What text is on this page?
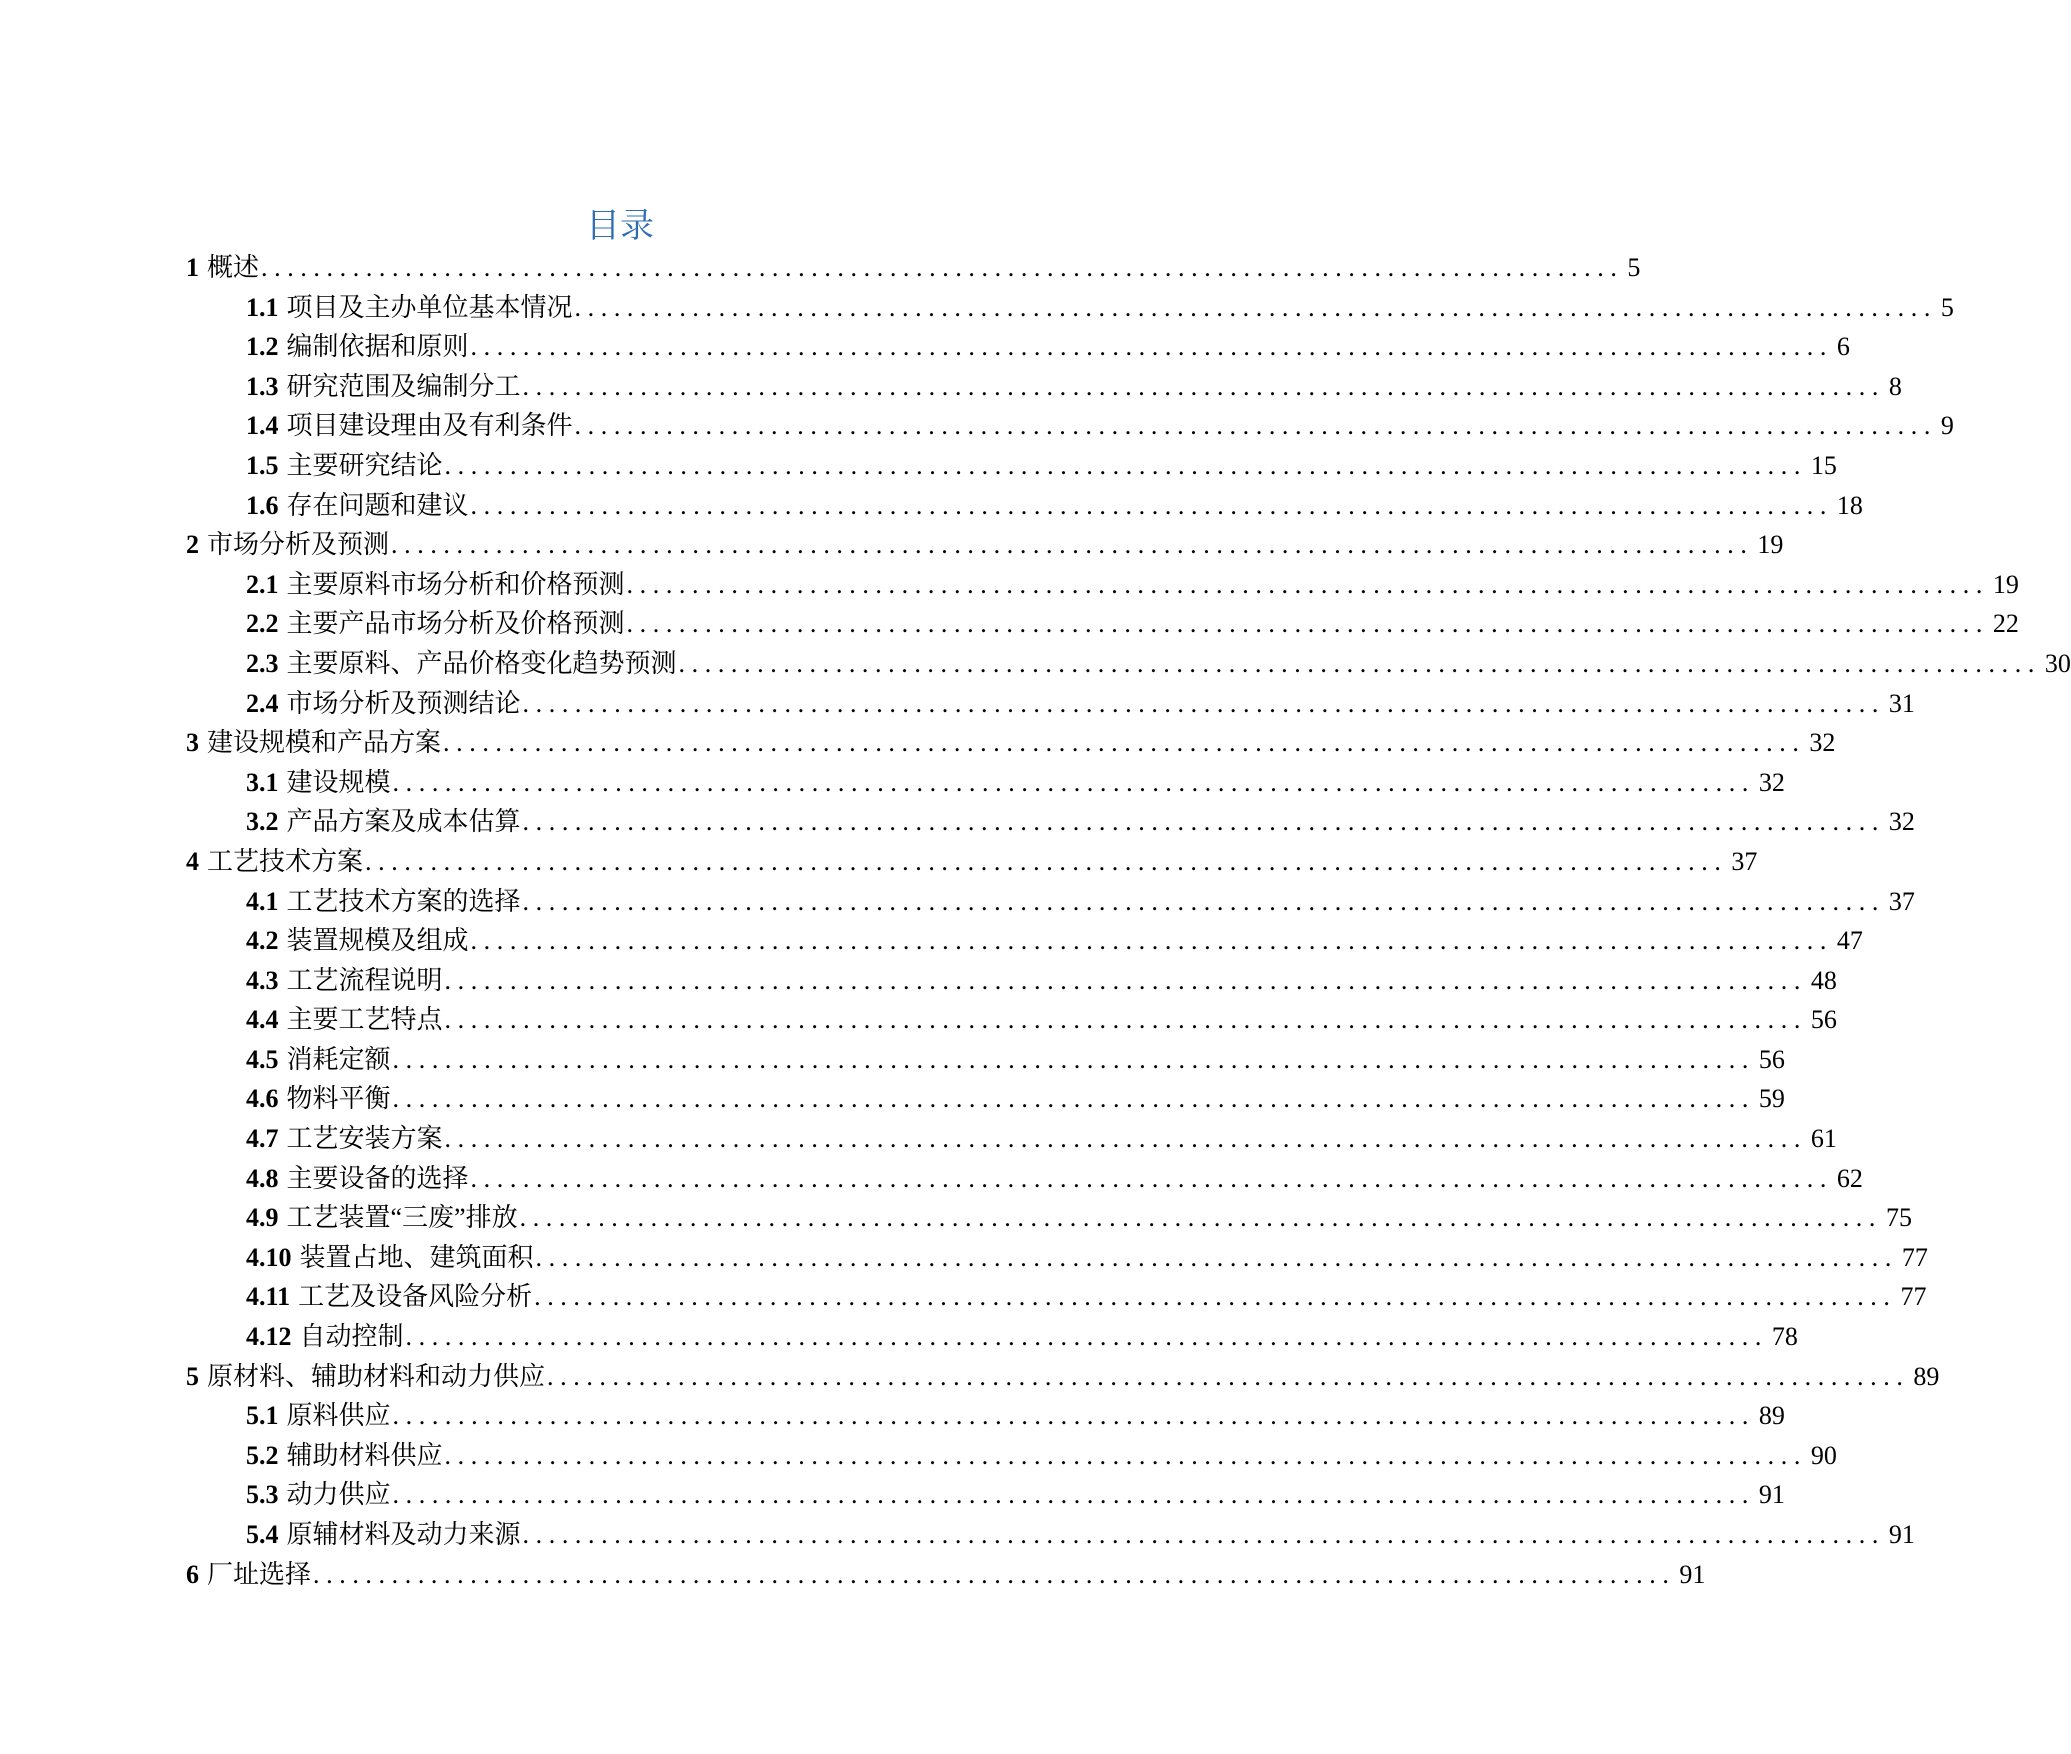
目录
1 概述 ........................................................................................................ 5
1.1 项目及主办单位基本情况 ........................................................................................................ 5
1.2 编制依据和原则 ........................................................................................................ 6
1.3 研究范围及编制分工 ........................................................................................................ 8
1.4 项目建设理由及有利条件 ........................................................................................................ 9
1.5 主要研究结论 ........................................................................................................ 15
1.6 存在问题和建议 ........................................................................................................ 18
2 市场分析及预测 ........................................................................................................ 19
2.1 主要原料市场分析和价格预测 ........................................................................................................ 19
2.2 主要产品市场分析及价格预测 ........................................................................................................ 22
2.3 主要原料、产品价格变化趋势预测 ........................................................................................................ 30
2.4 市场分析及预测结论 ........................................................................................................ 31
3 建设规模和产品方案 ........................................................................................................ 32
3.1 建设规模 ........................................................................................................ 32
3.2 产品方案及成本估算 ........................................................................................................ 32
4 工艺技术方案 ........................................................................................................ 37
4.1 工艺技术方案的选择 ........................................................................................................ 37
4.2 装置规模及组成 ........................................................................................................ 47
4.3 工艺流程说明 ........................................................................................................ 48
4.4 主要工艺特点 ........................................................................................................ 56
4.5 消耗定额 ........................................................................................................ 56
4.6 物料平衡 ........................................................................................................ 59
4.7 工艺安装方案 ........................................................................................................ 61
4.8 主要设备的选择 ........................................................................................................ 62
4.9 工艺装置“三废”排放 ........................................................................................................ 75
4.10 装置占地、建筑面积 ........................................................................................................ 77
4.11 工艺及设备风险分析 ........................................................................................................ 77
4.12 自动控制 ........................................................................................................ 78
5 原材料、辅助材料和动力供应 ........................................................................................................ 89
5.1 原料供应 ........................................................................................................ 89
5.2 辅助材料供应 ........................................................................................................ 90
5.3 动力供应 ........................................................................................................ 91
5.4 原辅材料及动力来源 ........................................................................................................ 91
6 厂址选择 ........................................................................................................ 91
